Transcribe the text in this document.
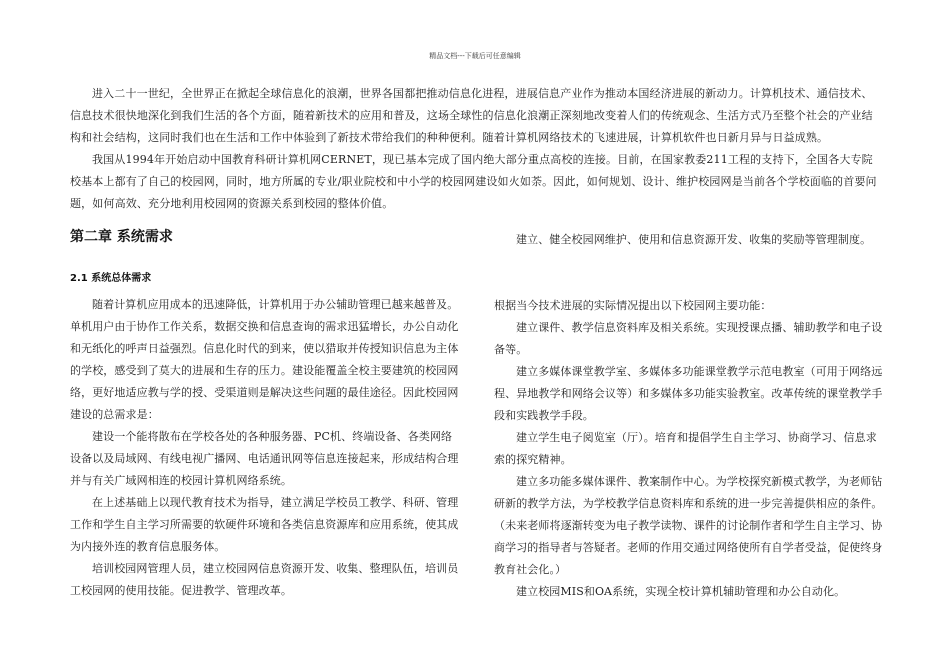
精品文档---下载后可任意编辑

进入二十一世纪，全世界正在掀起全球信息化的浪潮，世界各国都把推动信息化进程，进展信息产业作为推动本国经济进展的新动力。计算机技术、通信技术、信息技术很快地深化到我们生活的各个方面，随着新技术的应用和普及，这场全球性的信息化浪潮正深刻地改变着人们的传统观念、生活方式乃至整个社会的产业结构和社会结构，这同时我们也在生活和工作中体验到了新技术带给我们的种种便利。随着计算机网络技术的飞速进展，计算机软件也日新月异与日益成熟。

我国从1994年开始启动中国教育科研计算机网CERNET，现已基本完成了国内绝大部分重点高校的连接。目前，在国家教委211工程的支持下，全国各大专院校基本上都有了自己的校园网，同时，地方所属的专业/职业院校和中小学的校园网建设如火如荼。因此，如何规划、设计、维护校园网是当前各个学校面临的首要问题，如何高效、充分地利用校园网的资源关系到校园的整体价值。

第二章 系统需求
2.1 系统总体需求

随着计算机应用成本的迅速降低，计算机用于办公辅助管理已越来越普及。单机用户由于协作工作关系，数据交换和信息查询的需求迅猛增长，办公自动化和无纸化的呼声日益强烈。信息化时代的到来，使以猎取并传授知识信息为主体的学校，感受到了莫大的进展和生存的压力。建设能覆盖全校主要建筑的校园网络，更好地适应教与学的授、受渠道则是解决这些问题的最佳途径。因此校园网建设的总需求是：

建设一个能将散布在学校各处的各种服务器、PC机、终端设备、各类网络设备以及局域网、有线电视广播网、电话通讯网等信息连接起来，形成结构合理并与有关广域网相连的校园计算机网络系统。

在上述基础上以现代教育技术为指导，建立满足学校员工教学、科研、管理工作和学生自主学习所需要的软硬件环境和各类信息资源库和应用系统，使其成为内接外连的教育信息服务体。

培训校园网管理人员，建立校园网信息资源开发、收集、整理队伍，培训员工校园网的使用技能。促进教学、管理改革。

建立、健全校园网维护、使用和信息资源开发、收集的奖励等管理制度。

根据当今技术进展的实际情况提出以下校园网主要功能：

建立课件、教学信息资料库及相关系统。实现授课点播、辅助教学和电子设备等。

建立多媒体课堂教学室、多媒体多功能课堂教学示范电教室（可用于网络远程、异地教学和网络会议等）和多媒体多功能实验教室。改革传统的课堂教学手段和实践教学手段。

建立学生电子阅览室（厅）。培育和提倡学生自主学习、协商学习、信息求索的探究精神。

建立多功能多媒体课件、教案制作中心。为学校探究新模式教学，为老师钻研新的教学方法，为学校教学信息资料库和系统的进一步完善提供相应的条件。（未来老师将逐渐转变为电子教学读物、课件的讨论制作者和学生自主学习、协商学习的指导者与答疑者。老师的作用交通过网络使所有自学者受益，促使终身教育社会化。）

建立校园MIS和OA系统，实现全校计算机辅助管理和办公自动化。
